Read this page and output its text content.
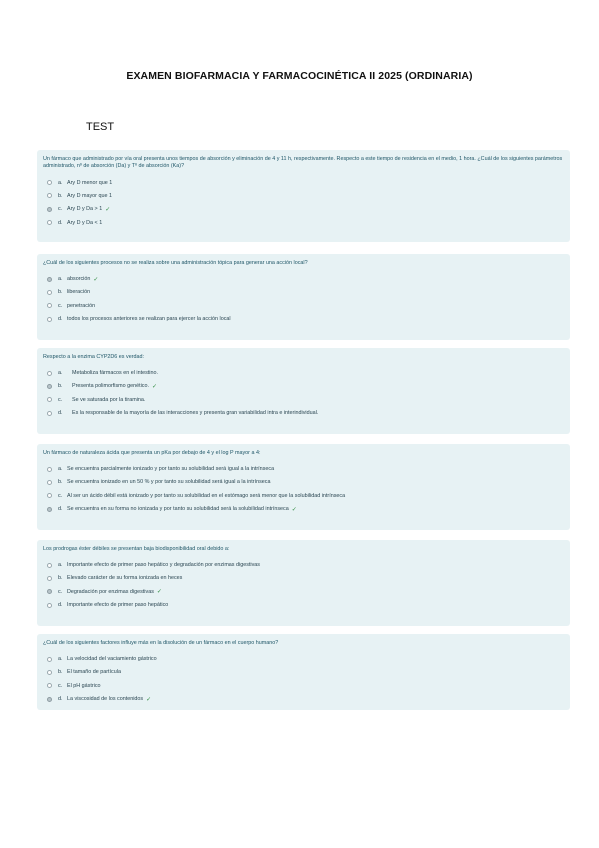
EXAMEN BIOFARMACIA Y FARMACOCINÉTICA II 2025 (ORDINARIA)
TEST
Un fármaco que administrado por vía oral presenta unos tiempos de absorción y eliminación de 4 y 11 h, respectivamente. Respecto a este tiempo de residencia en el medio, 1 hora. ¿Cuál de los siguientes parámetros administrado, nº de absorción (Da) y Tº de absorción (Ka)?
a. Ary D menor que 1
b. Ary D mayor que 1
c. Ary D y Da > 1 ✓
d. Ary D y Da < 1
¿Cuál de los siguientes procesos no se realiza sobre una administración tópica para generar una acción local?
a. absorción ✓
b. liberación
c. penetración
d. todos los procesos anteriores se realizan para ejercer la acción local
Respecto a la enzima CYP2D6 es verdad:
a.	Metaboliza fármacos en el intestino.
b.	Presenta polimorfismo genético. ✓
c.	Se ve saturada por la tiramina.
d.	Es la responsable de la mayoría de las interacciones y presenta gran variabilidad intra e interindividual.
Un fármaco de naturaleza ácida que presenta un pKa por debajo de 4 y el log P mayor a 4:
a. Se encuentra parcialmente ionizado y por tanto su solubilidad será igual a la intrínseca
b. Se encuentra ionizado en un 50 % y por tanto su solubilidad será igual a la intrínseca
c. Al ser un ácido débil está ionizado y por tanto su solubilidad en el estómago será menor que la solubilidad intrínseca
d. Se encuentra en su forma no ionizada y por tanto su solubilidad será la solubilidad intrínseca ✓
Los prodrogas éster débiles se presentan baja biodisponibilidad oral debido a:
a. Importante efecto de primer paso hepático y degradación por enzimas digestivas
b. Elevado carácter de su forma ionizada en heces
c. Degradación por enzimas digestivas ✓
d. Importante efecto de primer paso hepático
¿Cuál de los siguientes factores influye más en la disolución de un fármaco en el cuerpo humano?
a. La velocidad del vaciamiento gástrico
b. El tamaño de partícula
c. El pH gástrico
d. La viscosidad de los contenidos ✓
